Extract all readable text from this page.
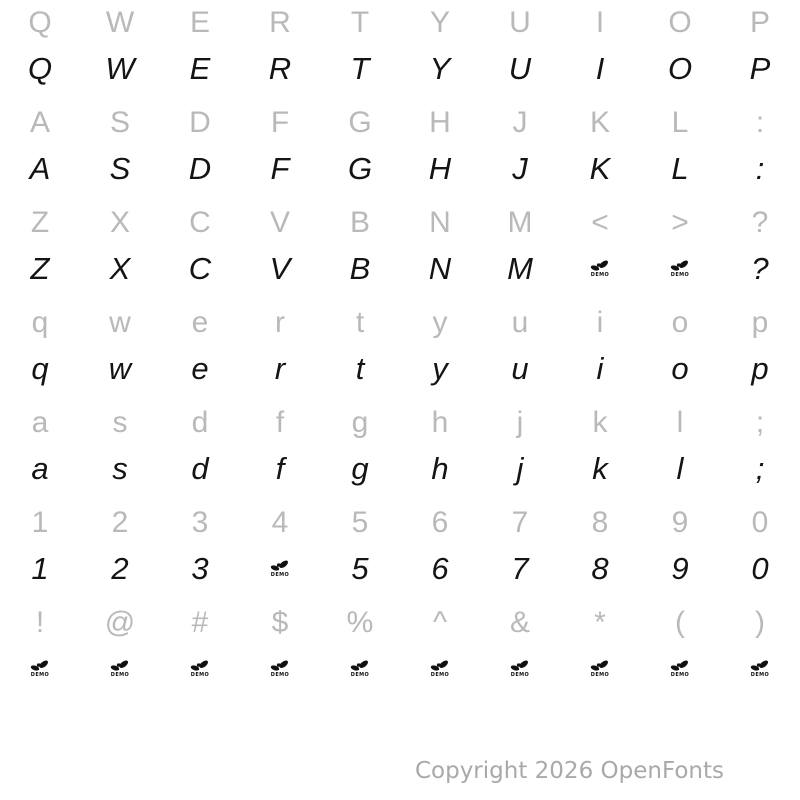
Q W E R T Y U I O P
Q W E R T Y U I O P
A S D F G H J K L :
A S D F G H J K L :
Z X C V B N M < > ?
Z X C V B N M	DEMO	DEMO ?
q w e r t y u i o p
q w e r t y u i o p
a s d f g h j k l ;
a s d f g h j k l ;
1 2 3 4 5 6 7 8 9 0
1 2 3	DEMO 5 6 7 8 9 0
! @ # $ % ^ & * ( )
DEMO	DEMO	DEMO	DEMO	DEMO	DEMO	DEMO	DEMO	DEMO	DEMO
Copyright 2026 OpenFonts
